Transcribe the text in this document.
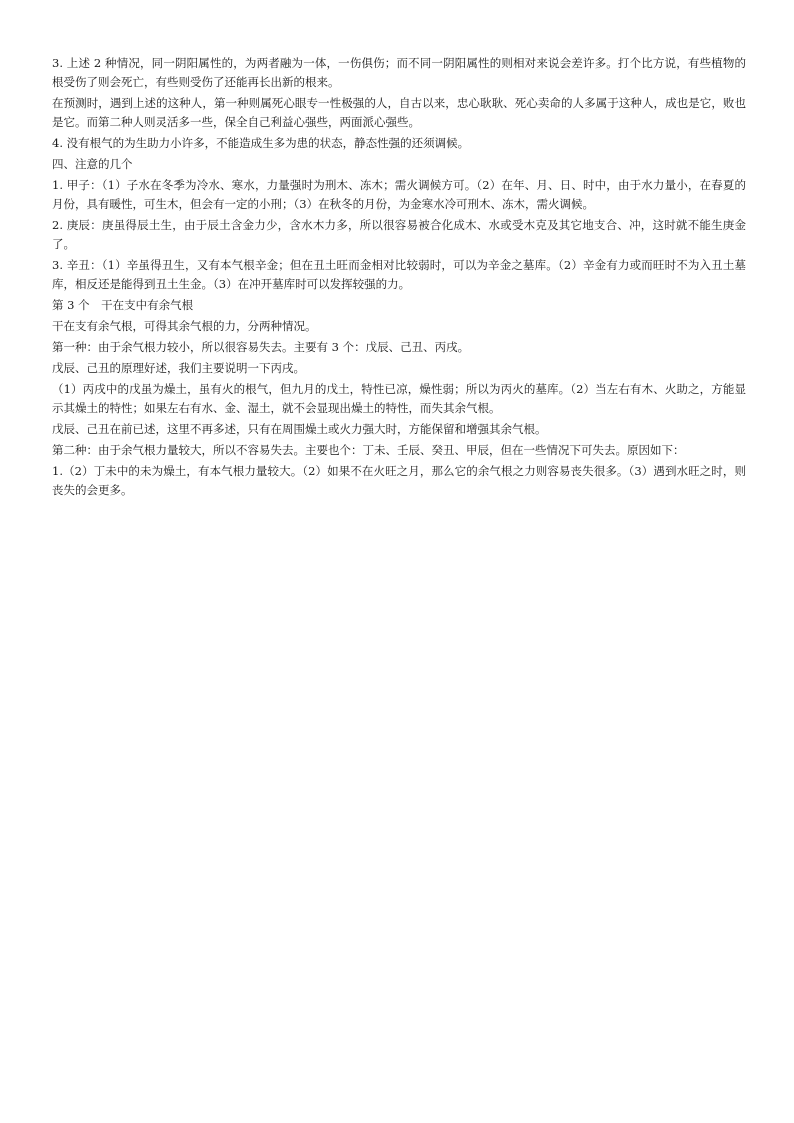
3. 上述 2 种情况，同一阴阳属性的，为两者融为一体，一伤俱伤；而不同一阴阳属性的则相对来说会差许多。打个比方说，有些植物的根受伤了则会死亡，有些则受伤了还能再长出新的根来。

在预测时，遇到上述的这种人，第一种则属死心眼专一性极强的人，自古以来，忠心耿耿、死心卖命的人多属于这种人，成也是它，败也是它。而第二种人则灵活多一些，保全自己利益心强些，两面派心强些。

4. 没有根气的为生助力小许多，不能造成生多为患的状态，静态性强的还须调候。

四、注意的几个

1. 甲子：（1）子水在冬季为冷水、寒水，力量强时为刑木、冻木；需火调候方可。（2）在年、月、日、时中，由于水力量小，在春夏的月份，具有暖性，可生木，但会有一定的小刑；（3）在秋冬的月份，为金寒水冷可刑木、冻木，需火调候。

2. 庚辰：庚虽得辰土生，由于辰土含金力少，含水木力多，所以很容易被合化成木、水或受木克及其它地支合、冲，这时就不能生庚金了。

3. 辛丑：（1）辛虽得丑生，又有本气根辛金；但在丑土旺而金相对比较弱时，可以为辛金之墓库。（2）辛金有力或而旺时不为入丑土墓库，相反还是能得到丑土生金。（3）在冲开墓库时可以发挥较强的力。

第 3 个　干在支中有余气根

干在支有余气根，可得其余气根的力，分两种情况。

第一种：由于余气根力较小，所以很容易失去。主要有 3 个：戊辰、己丑、丙戌。

戊辰、己丑的原理好述，我们主要说明一下丙戌。

（1）丙戌中的戊虽为燥土，虽有火的根气，但九月的戊土，特性已凉，燥性弱；所以为丙火的墓库。（2）当左右有木、火助之，方能显示其燥土的特性；如果左右有水、金、湿土，就不会显现出燥土的特性，而失其余气根。

戊辰、己丑在前已述，这里不再多述，只有在周围燥土或火力强大时，方能保留和增强其余气根。

第二种：由于余气根力量较大，所以不容易失去。主要也个：丁未、壬辰、癸丑、甲辰，但在一些情况下可失去。原因如下：

1.（2）丁未中的未为燥土，有本气根力量较大。（2）如果不在火旺之月，那么它的余气根之力则容易丧失很多。（3）遇到水旺之时，则丧失的会更多。
